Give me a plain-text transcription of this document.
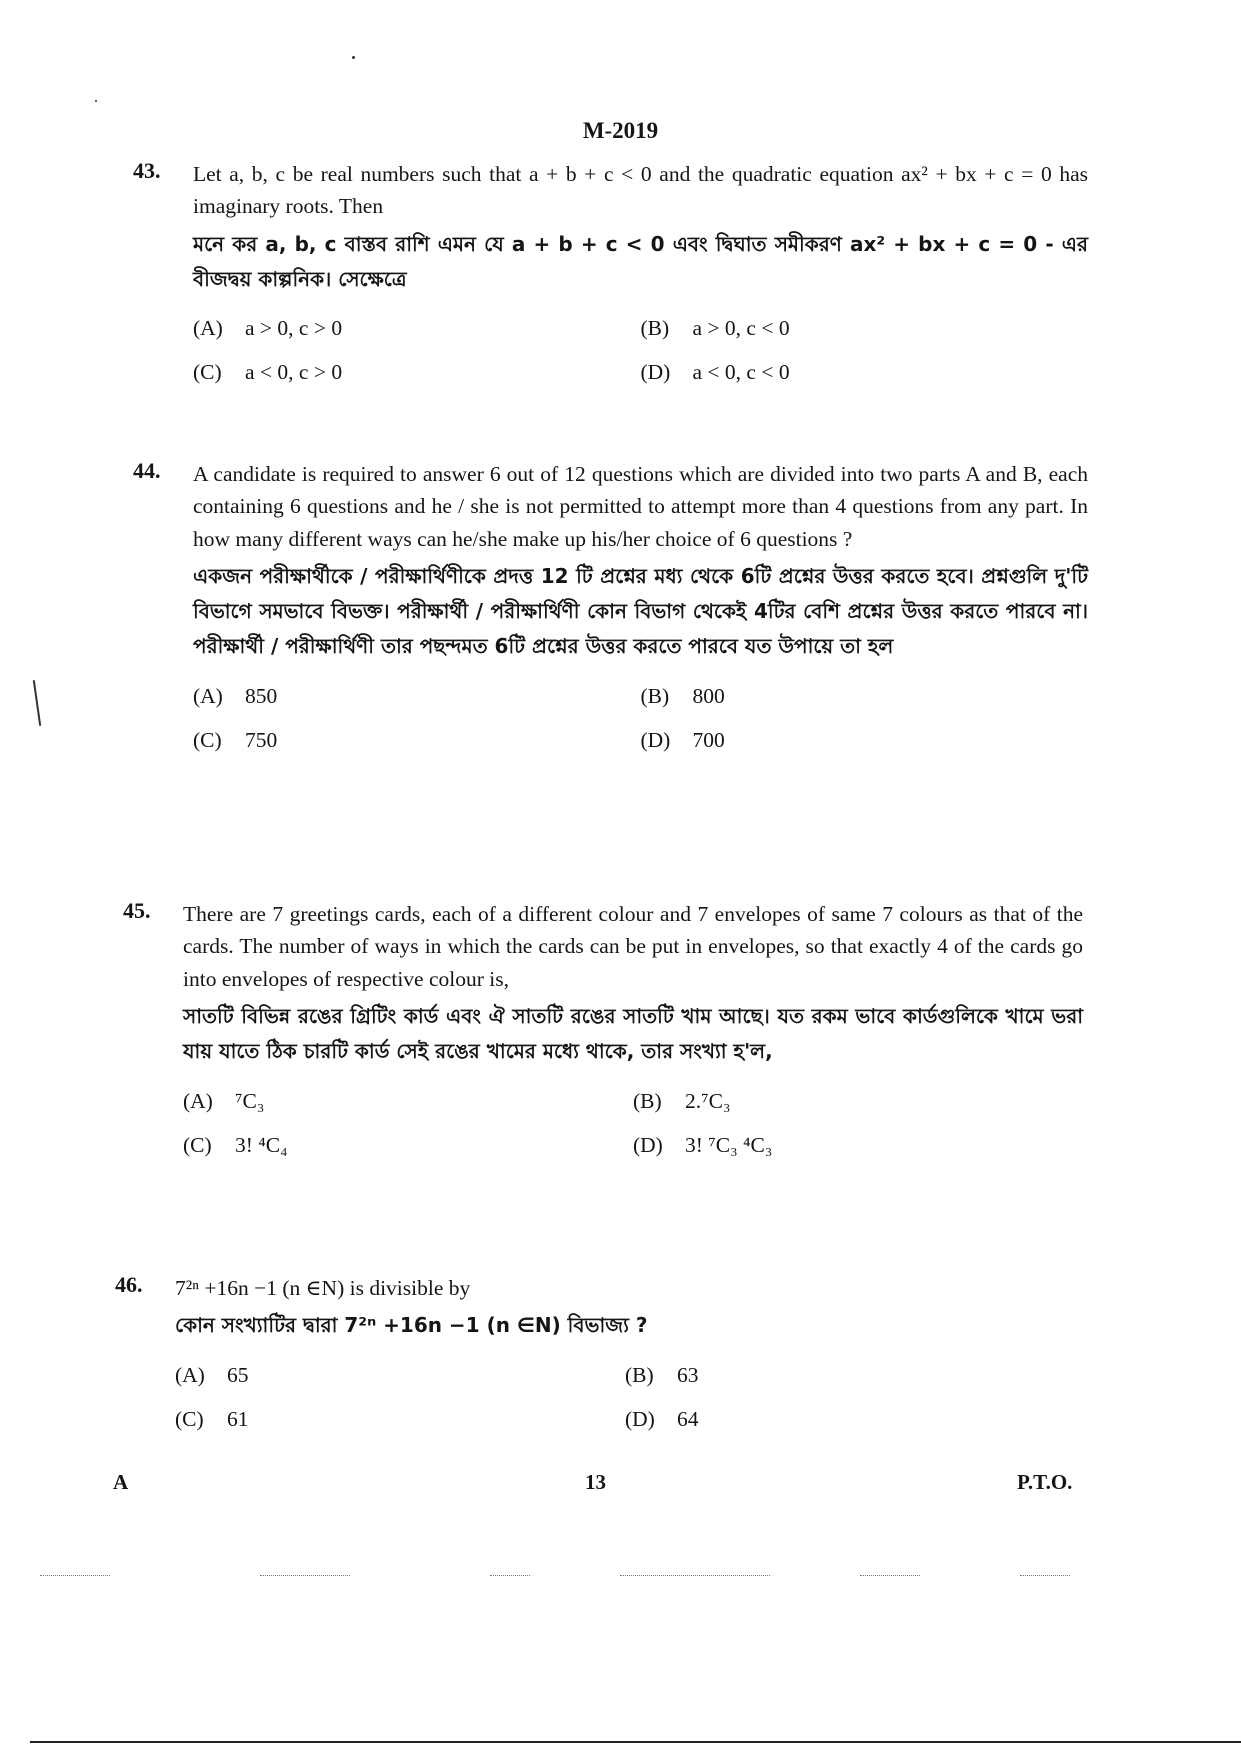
M-2019
43. Let a, b, c be real numbers such that a + b + c < 0 and the quadratic equation ax² + bx + c = 0 has imaginary roots. Then
মনে কর a, b, c বাস্তব রাশি এমন যে a + b + c < 0 এবং দ্বিঘাত সমীকরণ ax² + bx + c = 0 - এর বীজদ্বয় কাল্পনিক। সেক্ষেত্রে
(A)	a > 0, c > 0	(B)	a > 0, c < 0
(C)	a < 0, c > 0	(D)	a < 0, c < 0
44. A candidate is required to answer 6 out of 12 questions which are divided into two parts A and B, each containing 6 questions and he / she is not permitted to attempt more than 4 questions from any part. In how many different ways can he/she make up his/her choice of 6 questions ?
একজন পরীক্ষার্থীকে / পরীক্ষার্থিণীকে প্রদত্ত 12 টি প্রশ্নের মধ্য থেকে 6টি প্রশ্নের উত্তর করতে হবে। প্রশ্নগুলি দু'টি বিভাগে সমভাবে বিভক্ত। পরীক্ষার্থী / পরীক্ষার্থিণী কোন বিভাগ থেকেই 4টির বেশি প্রশ্নের উত্তর করতে পারবে না। পরীক্ষার্থী / পরীক্ষার্থিণী তার পছন্দমত 6টি প্রশ্নের উত্তর করতে পারবে যত উপায়ে তা হল
(A)	850	(B)	800
(C)	750	(D)	700
45. There are 7 greetings cards, each of a different colour and 7 envelopes of same 7 colours as that of the cards. The number of ways in which the cards can be put in envelopes, so that exactly 4 of the cards go into envelopes of respective colour is,
সাতটি বিভিন্ন রঙের গ্রিটিং কার্ড এবং ঐ সাতটি রঙের সাতটি খাম আছে। যত রকম ভাবে কার্ডগুলিকে খামে ভরা যায় যাতে ঠিক চারটি কার্ড সেই রঙের খামের মধ্যে থাকে, তার সংখ্যা হ'ল,
(A)	⁷C₃	(B)	2.⁷C₃
(C)	3! ⁴C₄	(D)	3! ⁷C₃ ⁴C₃
46. 7²ⁿ +16n −1 (n ∈N) is divisible by
কোন সংখ্যাটির দ্বারা 7²ⁿ +16n −1 (n ∈N) বিভাজ্য ?
(A)	65	(B)	63
(C)	61	(D)	64
A	13	P.T.O.
